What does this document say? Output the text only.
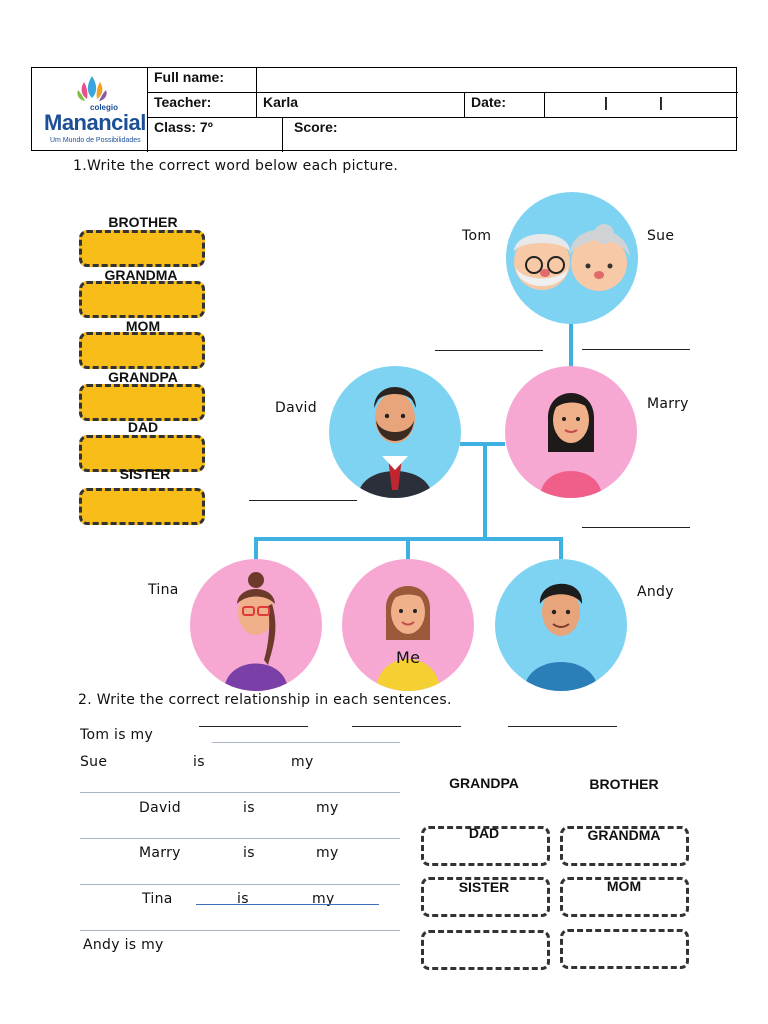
colegio
Manancial
Um Mundo de Possibilidades
Full name:
Teacher:	Karla	Date:	|	|
Class: 7º	Score:
1.Write the correct word below each picture.
BROTHER
GRANDMA
MOM
GRANDPA
DAD
SISTER
Me
Tom	Sue
David	Marry
Tina	Andy
2. Write the correct relationship in each sentences.
Tom is my
Sue	is	my
David	is	my
Marry	is	my
Tina	is	my
Andy is my
GRANDPA	BROTHER
DAD	GRANDMA
SISTER	MOM
